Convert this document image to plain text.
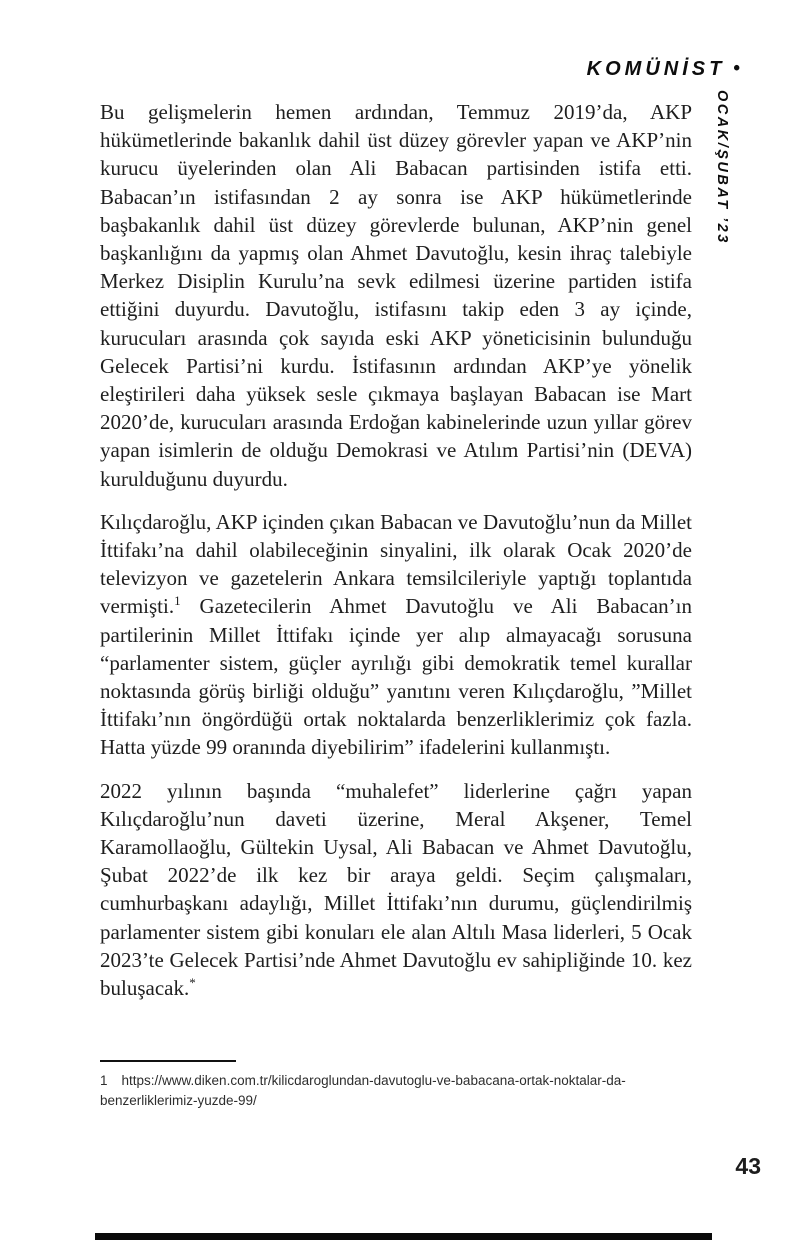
KOMÜNİST •
OCAK/ŞUBAT ’23

Bu gelişmelerin hemen ardından, Temmuz 2019’da, AKP hükümetlerinde bakanlık dahil üst düzey görevler yapan ve AKP’nin kurucu üyelerinden olan Ali Babacan partisinden istifa etti. Babacan’ın istifasından 2 ay sonra ise AKP hükümetlerinde başbakanlık dahil üst düzey görevlerde bulunan, AKP’nin genel başkanlığını da yapmış olan Ahmet Davutoğlu, kesin ihraç talebiyle Merkez Disiplin Kurulu’na sevk edilmesi üzerine partiden istifa ettiğini duyurdu. Davutoğlu, istifasını takip eden 3 ay içinde, kurucuları arasında çok sayıda eski AKP yöneticisinin bulunduğu Gelecek Partisi’ni kurdu. İstifasının ardından AKP’ye yönelik eleştirileri daha yüksek sesle çıkmaya başlayan Babacan ise Mart 2020’de, kurucuları arasında Erdoğan kabinelerinde uzun yıllar görev yapan isimlerin de olduğu Demokrasi ve Atılım Partisi’nin (DEVA) kurulduğunu duyurdu.

Kılıçdaroğlu, AKP içinden çıkan Babacan ve Davutoğlu’nun da Millet İttifakı’na dahil olabileceğinin sinyalini, ilk olarak Ocak 2020’de televizyon ve gazetelerin Ankara temsilcileriyle yaptığı toplantıda vermişti.$^1$ Gazetecilerin Ahmet Davutoğlu ve Ali Babacan’ın partilerinin Millet İttifakı içinde yer alıp almayacağı sorusuna “parlamenter sistem, güçler ayrılığı gibi demokratik temel kurallar noktasında görüş birliği olduğu” yanıtını veren Kılıçdaroğlu, ”Millet İttifakı’nın öngördüğü ortak noktalarda benzerliklerimiz çok fazla. Hatta yüzde 99 oranında diyebilirim” ifadelerini kullanmıştı.

2022 yılının başında “muhalefet” liderlerine çağrı yapan Kılıçdaroğlu’nun daveti üzerine, Meral Akşener, Temel Karamollaoğlu, Gültekin Uysal, Ali Babacan ve Ahmet Davutoğlu, Şubat 2022’de ilk kez bir araya geldi. Seçim çalışmaları, cumhurbaşkanı adaylığı, Millet İttifakı’nın durumu, güçlendirilmiş parlamenter sistem gibi konuları ele alan Altılı Masa liderleri, 5 Ocak 2023’te Gelecek Partisi’nde Ahmet Davutoğlu ev sahipliğinde 10. kez buluşacak.*

1 https://www.diken.com.tr/kilicdaroglundan-davutoglu-ve-babacana-ortak-noktalar-da-benzerliklerimiz-yuzde-99/

43
